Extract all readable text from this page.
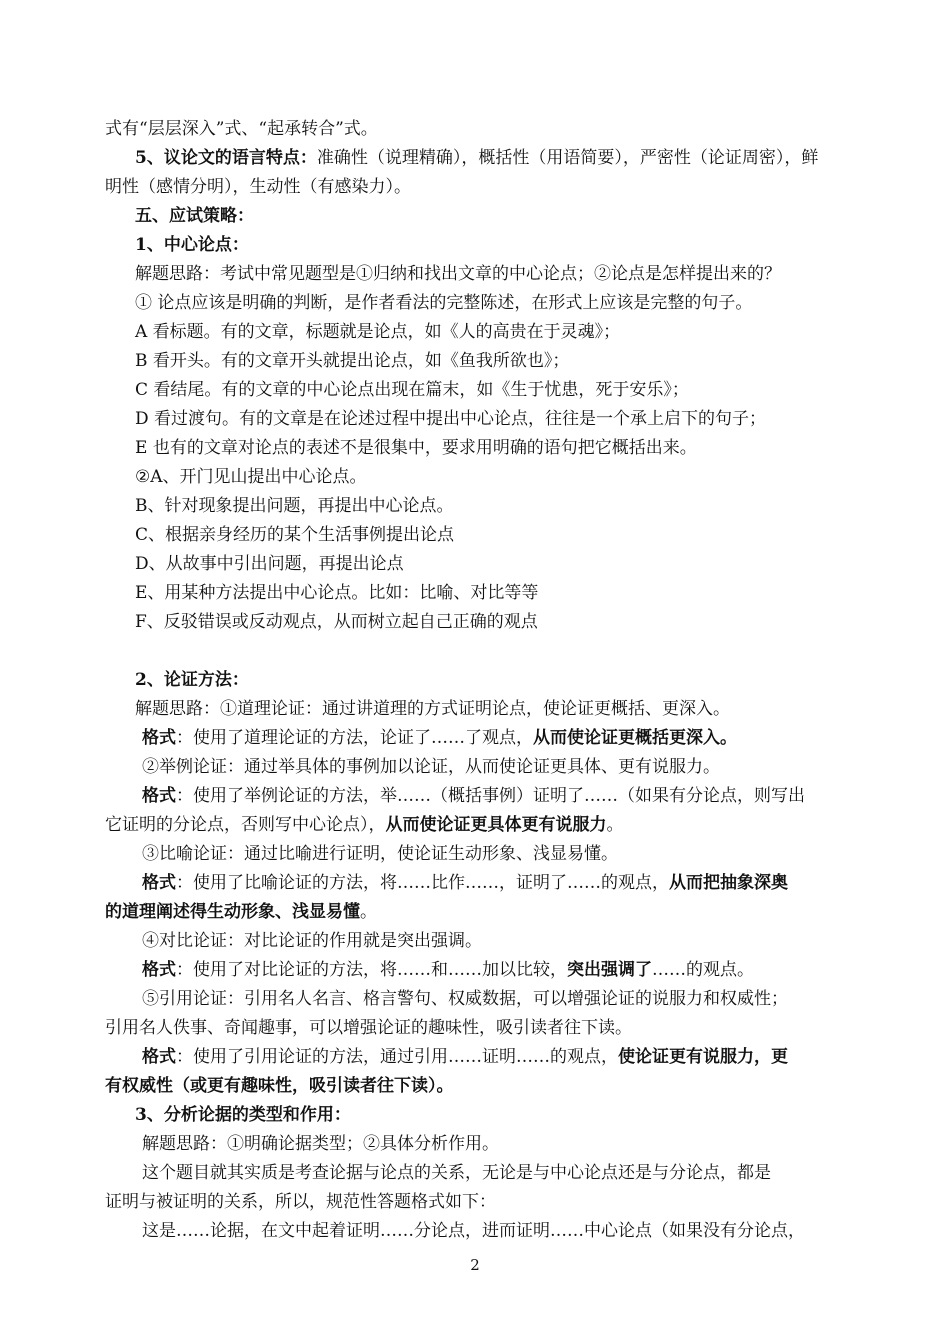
式有“层层深入”式、“起承转合”式。
5、议论文的语言特点：准确性（说理精确），概括性（用语简要），严密性（论证周密），鲜
明性（感情分明），生动性（有感染力）。
五、应试策略：
1、中心论点：
解题思路：考试中常见题型是①归纳和找出文章的中心论点；②论点是怎样提出来的？
① 论点应该是明确的判断，是作者看法的完整陈述，在形式上应该是完整的句子。
A 看标题。有的文章，标题就是论点，如《人的高贵在于灵魂》；
B 看开头。有的文章开头就提出论点，如《鱼我所欲也》；
C 看结尾。有的文章的中心论点出现在篇末，如《生于忧患，死于安乐》；
D 看过渡句。有的文章是在论述过程中提出中心论点，往往是一个承上启下的句子；
E 也有的文章对论点的表述不是很集中，要求用明确的语句把它概括出来。
②A、开门见山提出中心论点。
B、针对现象提出问题，再提出中心论点。
C、根据亲身经历的某个生活事例提出论点
D、从故事中引出问题，再提出论点
E、用某种方法提出中心论点。比如：比喻、对比等等
F、反驳错误或反动观点，从而树立起自己正确的观点
2、论证方法：
解题思路：①道理论证：通过讲道理的方式证明论点，使论证更概括、更深入。
格式：使用了道理论证的方法，论证了……了观点，从而使论证更概括更深入。
②举例论证：通过举具体的事例加以论证，从而使论证更具体、更有说服力。
格式：使用了举例论证的方法，举……（概括事例）证明了……（如果有分论点，则写出
它证明的分论点，否则写中心论点），从而使论证更具体更有说服力。
③比喻论证：通过比喻进行证明，使论证生动形象、浅显易懂。
格式：使用了比喻论证的方法，将……比作……，证明了……的观点，从而把抽象深奥
的道理阐述得生动形象、浅显易懂。
④对比论证：对比论证的作用就是突出强调。
格式：使用了对比论证的方法，将……和……加以比较，突出强调了……的观点。
⑤引用论证：引用名人名言、格言警句、权威数据，可以增强论证的说服力和权威性；
引用名人佚事、奇闻趣事，可以增强论证的趣味性，吸引读者往下读。
格式：使用了引用论证的方法，通过引用……证明……的观点，使论证更有说服力，更
有权威性（或更有趣味性，吸引读者往下读）。
3、分析论据的类型和作用：
解题思路：①明确论据类型；②具体分析作用。
这个题目就其实质是考查论据与论点的关系，无论是与中心论点还是与分论点，都是
证明与被证明的关系，所以，规范性答题格式如下：
这是……论据，在文中起着证明……分论点，进而证明……中心论点（如果没有分论点，
2
